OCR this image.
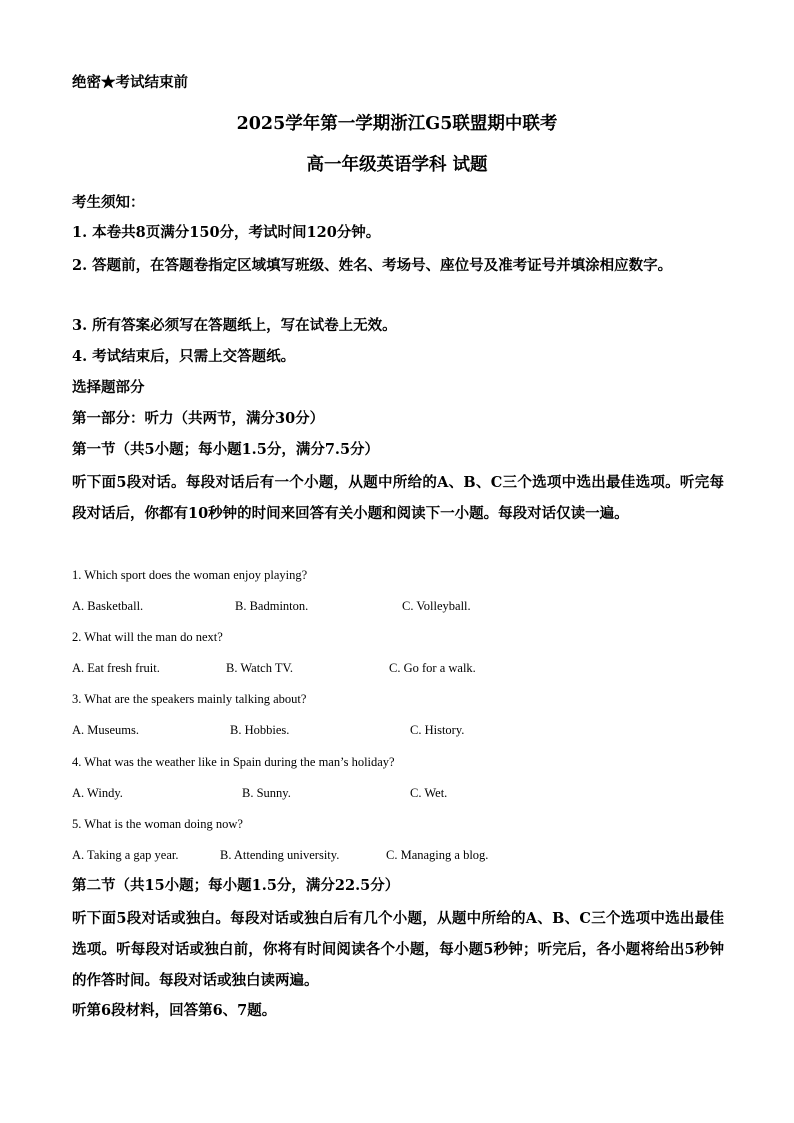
绝密★考试结束前
2025学年第一学期浙江G5联盟期中联考
高一年级英语学科 试题
考生须知：
1. 本卷共8页满分150分，考试时间120分钟。
2. 答题前，在答题卷指定区域填写班级、姓名、考场号、座位号及准考证号并填涂相应数字。
3. 所有答案必须写在答题纸上，写在试卷上无效。
4. 考试结束后，只需上交答题纸。
选择题部分
第一部分：听力（共两节，满分30分）
第一节（共5小题；每小题1.5分，满分7.5分）
听下面5段对话。每段对话后有一个小题，从题中所给的A、B、C三个选项中选出最佳选项。听完每段对话后，你都有10秒钟的时间来回答有关小题和阅读下一小题。每段对话仅读一遍。
1. Which sport does the woman enjoy playing?
A. Basketball.	B. Badminton.	C. Volleyball.
2. What will the man do next?
A. Eat fresh fruit.	B. Watch TV.	C. Go for a walk.
3. What are the speakers mainly talking about?
A. Museums.	B. Hobbies.	C. History.
4. What was the weather like in Spain during the man’s holiday?
A. Windy.	B. Sunny.	C. Wet.
5. What is the woman doing now?
A. Taking a gap year.	B. Attending university.	C. Managing a blog.
第二节（共15小题；每小题1.5分，满分22.5分）
听下面5段对话或独白。每段对话或独白后有几个小题，从题中所给的A、B、C三个选项中选出最佳选项。听每段对话或独白前，你将有时间阅读各个小题，每小题5秒钟；听完后，各小题将给出5秒钟的作答时间。每段对话或独白读两遍。
听第6段材料，回答第6、7题。
